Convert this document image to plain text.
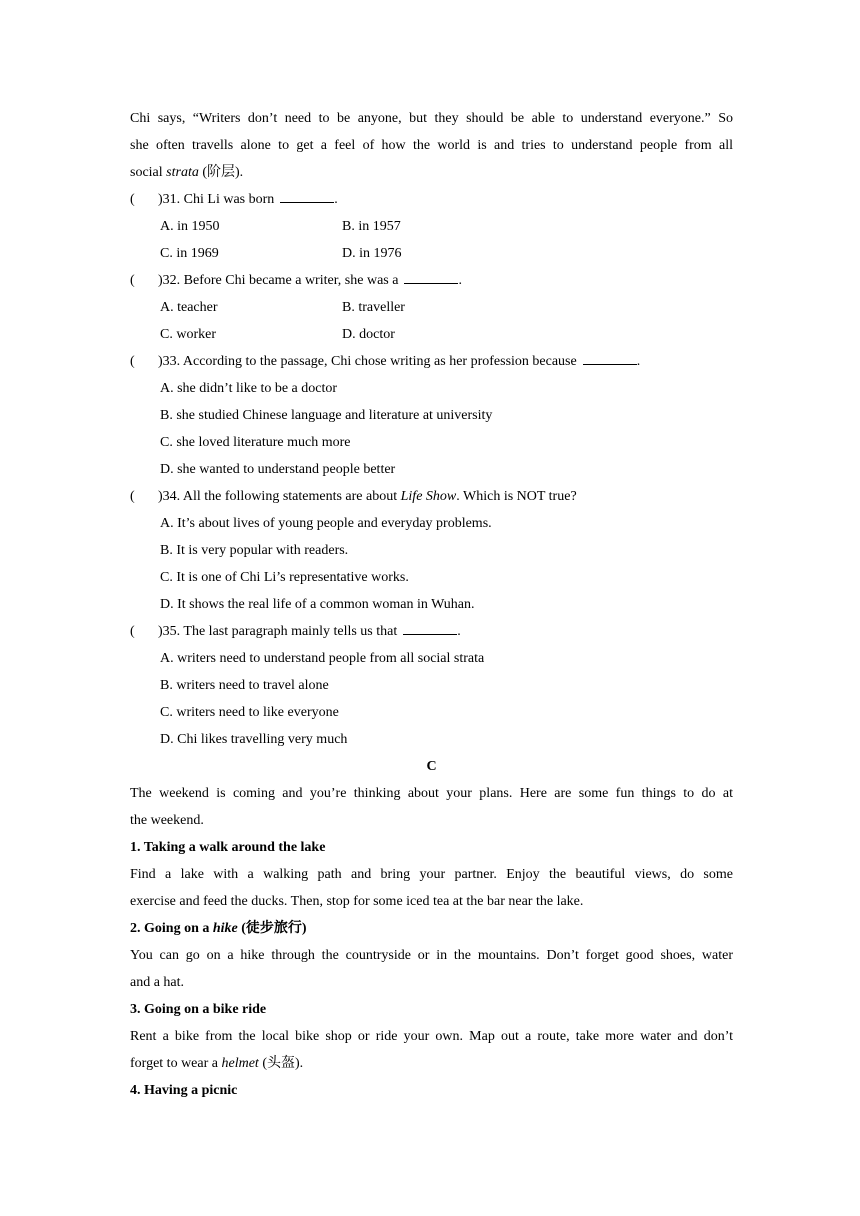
Chi says, “Writers don’t need to be anyone, but they should be able to understand everyone.” So
she often travells alone to get a feel of how the world is and tries to understand people from all
social strata (阶层).
(	)31. Chi Li was born	.
A. in 1950	B. in 1957
C. in 1969	D. in 1976
(	)32. Before Chi became a writer, she was a	.
A. teacher	B. traveller
C. worker	D. doctor
(	)33. According to the passage, Chi chose writing as her profession because	.
A. she didn’t like to be a doctor
B. she studied Chinese language and literature at university
C. she loved literature much more
D. she wanted to understand people better
(	)34. All the following statements are about Life Show. Which is NOT true?
A. It’s about lives of young people and everyday problems.
B. It is very popular with readers.
C. It is one of Chi Li’s representative works.
D. It shows the real life of a common woman in Wuhan.
(	)35. The last paragraph mainly tells us that	.
A. writers need to understand people from all social strata
B. writers need to travel alone
C. writers need to like everyone
D. Chi likes travelling very much
C
The weekend is coming and you’re thinking about your plans. Here are some fun things to do at
the weekend.
1. Taking a walk around the lake
Find a lake with a walking path and bring your partner. Enjoy the beautiful views, do some
exercise and feed the ducks. Then, stop for some iced tea at the bar near the lake.
2. Going on a hike (徒步旅行)
You can go on a hike through the countryside or in the mountains. Don’t forget good shoes, water
and a hat.
3. Going on a bike ride
Rent a bike from the local bike shop or ride your own. Map out a route, take more water and don’t
forget to wear a helmet (头盔).
4. Having a picnic
